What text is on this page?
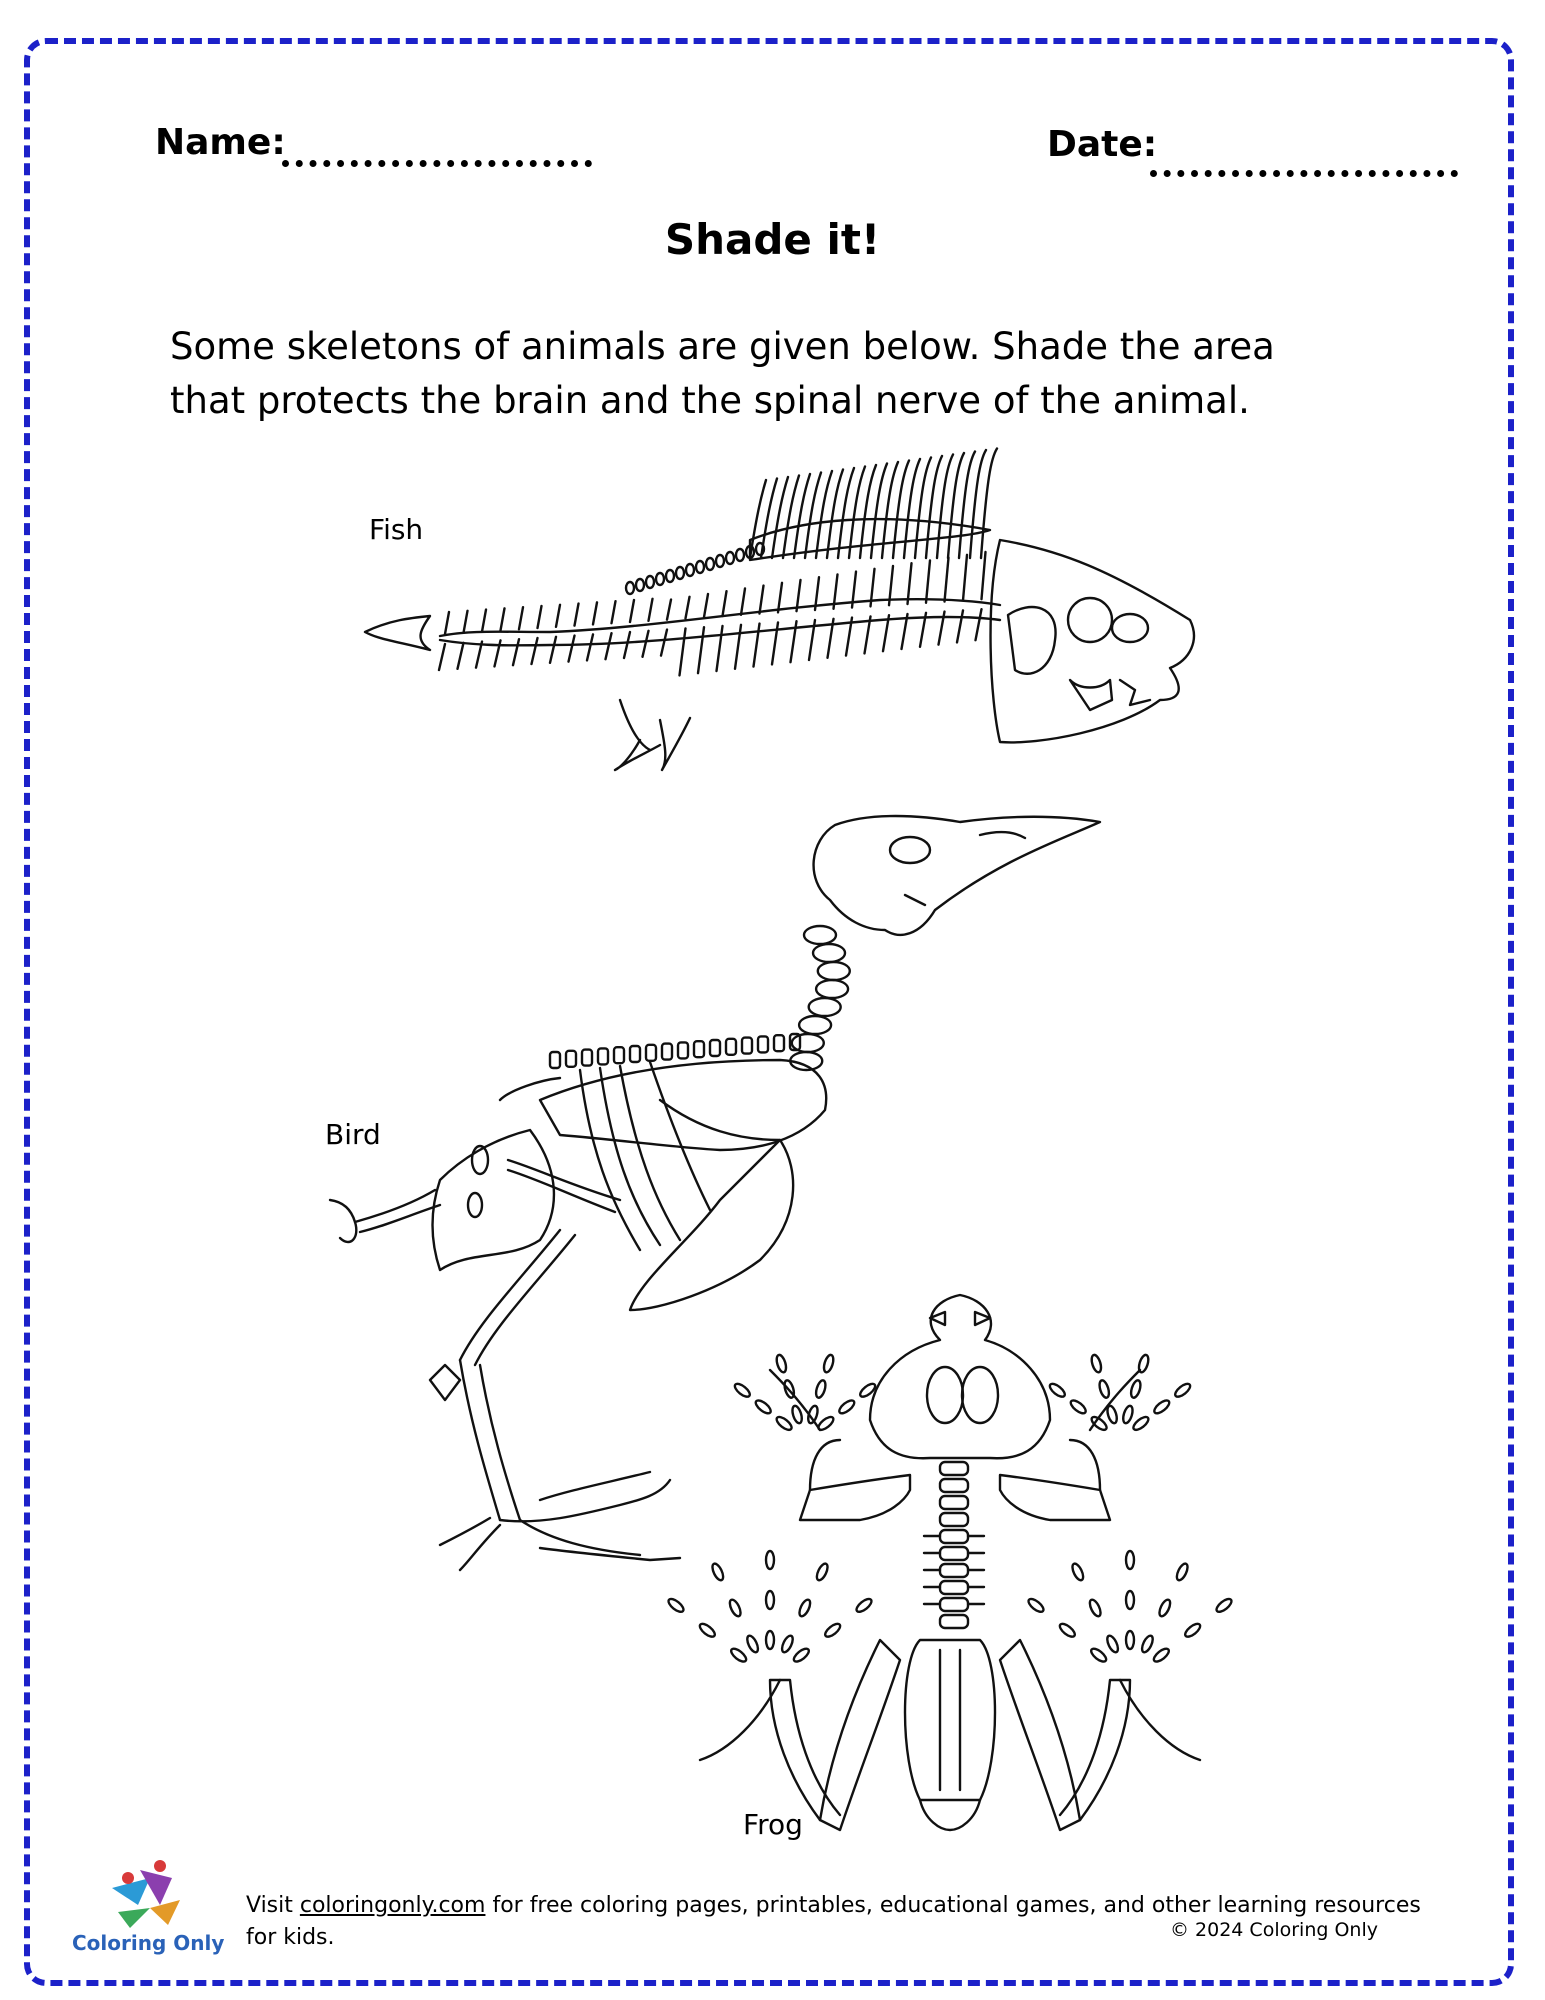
Name:	Date:
Shade it!
Some skeletons of animals are given below. Shade the area that protects the brain and the spinal nerve of the animal.
Fish
Bird
Frog
Coloring Only
Visit coloringonly.com for free coloring pages, printables, educational games, and other learning resources for kids.	© 2024 Coloring Only
